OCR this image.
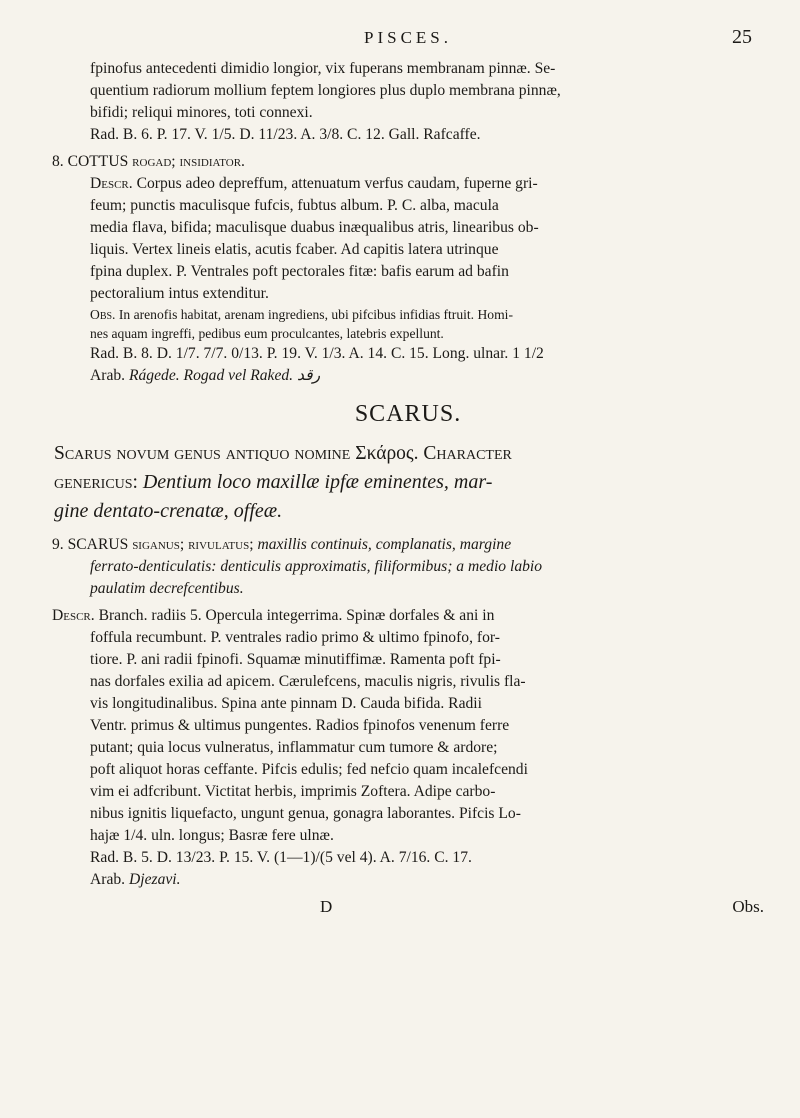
PISCES.	25

fpinofus antecedenti dimidio longior, vix fuperans membranam pinnæ. Se-

quentium radiorum mollium feptem longiores plus duplo membrana pinnæ,

bifidi; reliqui minores, toti connexi.

Rad. B. 6. P. 17. V. 1/5. D. 11/23. A. 3/8. C. 12. Gall. Rafcaffe.

8. COTTUS rogad; insidiator.

Descr. Corpus adeo depreffum, attenuatum verfus caudam, fuperne gri-
feum; punctis maculisque fufcis, fubtus album. P. C. alba, macula
media flava, bifida; maculisque duabus inæqualibus atris, linearibus ob-
liquis. Vertex lineis elatis, acutis fcaber. Ad capitis latera utrinque
fpina duplex. P. Ventrales poft pectorales fitæ: bafis earum ad bafin
pectoralium intus extenditur.

Obs. In arenofis habitat, arenam ingrediens, ubi pifcibus infidias ftruit. Homi-
nes aquam ingreffi, pedibus eum proculcantes, latebris expellunt.

Rad. B. 8. D. 1/7. 7/7. 0/13. P. 19. V. 1/3. A. 14. C. 15. Long. ulnar. 1 1/2

Arab. Rágede. Rogad vel Raked. رقد

SCARUS.

Scarus novum genus antiquo nomine Σκάρος. Character

genericus: Dentium loco maxillæ ipfæ eminentes, mar-

gine dentato-crenatæ, offeæ.

9. SCARUS siganus; rivulatus; maxillis continuis, complanatis, margine

ferrato-denticulatis: denticulis approximatis, filiformibus; a medio labio
paulatim decrefcentibus.

Descr. Branch. radiis 5. Opercula integerrima. Spinæ dorfales & ani in

foffula recumbunt. P. ventrales radio primo & ultimo fpinofo, for-
tiore. P. ani radii fpinofi. Squamæ minutiffimæ. Ramenta poft fpi-
nas dorfales exilia ad apicem. Cærulefcens, maculis nigris, rivulis fla-
vis longitudinalibus. Spina ante pinnam D. Cauda bifida. Radii
Ventr. primus & ultimus pungentes. Radios fpinofos venenum ferre
putant; quia locus vulneratus, inflammatur cum tumore & ardore;
poft aliquot horas ceffante. Pifcis edulis; fed nefcio quam incalefcendi
vim ei adfcribunt. Victitat herbis, imprimis Zoftera. Adipe carbo-
nibus ignitis liquefacto, ungunt genua, gonagra laborantes. Pifcis Lo-
hajæ 1/4. uln. longus; Basræ fere ulnæ.

Rad. B. 5. D. 13/23. P. 15. V. (1—1)/(5 vel 4). A. 7/16. C. 17.

Arab. Djezavi.

D	Obs.
